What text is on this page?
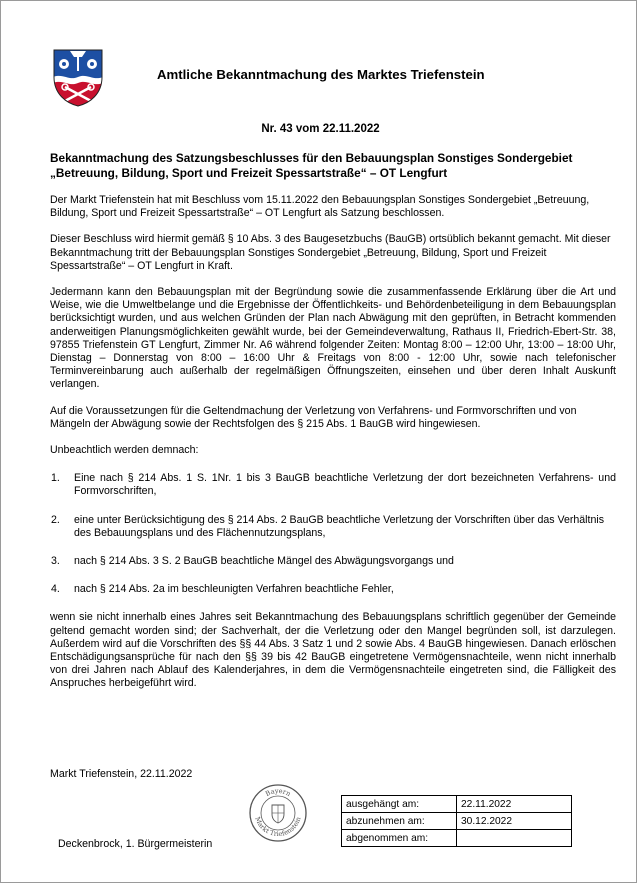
Amtliche Bekanntmachung des Marktes Triefenstein
Nr. 43 vom 22.11.2022
Bekanntmachung des Satzungsbeschlusses für den Bebauungsplan Sonstiges Sondergebiet „Betreuung, Bildung, Sport und Freizeit Spessartstraße“ – OT Lengfurt

Der Markt Triefenstein hat mit Beschluss vom 15.11.2022 den Bebauungsplan Sonstiges Sondergebiet „Betreuung, Bildung, Sport und Freizeit Spessartstraße“ – OT Lengfurt als Satzung beschlossen.

Dieser Beschluss wird hiermit gemäß § 10 Abs. 3 des Baugesetzbuchs (BauGB) ortsüblich bekannt gemacht. Mit dieser Bekanntmachung tritt der Bebauungsplan Sonstiges Sondergebiet „Betreuung, Bildung, Sport und Freizeit Spessartstraße“ – OT Lengfurt in Kraft.

Jedermann kann den Bebauungsplan mit der Begründung sowie die zusammenfassende Erklärung über die Art und Weise, wie die Umweltbelange und die Ergebnisse der Öffentlichkeits- und Behördenbeteiligung in dem Bebauungsplan berücksichtigt wurden, und aus welchen Gründen der Plan nach Abwägung mit den geprüften, in Betracht kommenden anderweitigen Planungsmöglichkeiten gewählt wurde, bei der Gemeindeverwaltung, Rathaus II, Friedrich-Ebert-Str. 38, 97855 Triefenstein GT Lengfurt, Zimmer Nr. A6 während folgender Zeiten: Montag 8:00 – 12:00 Uhr, 13:00 – 18:00 Uhr, Dienstag – Donnerstag von 8:00 – 16:00 Uhr & Freitags von 8:00 - 12:00 Uhr, sowie nach telefonischer Terminvereinbarung auch außerhalb der regelmäßigen Öffnungszeiten, einsehen und über deren Inhalt Auskunft verlangen.

Auf die Voraussetzungen für die Geltendmachung der Verletzung von Verfahrens- und Formvorschriften und von Mängeln der Abwägung sowie der Rechtsfolgen des § 215 Abs. 1 BauGB wird hingewiesen.

Unbeachtlich werden demnach:

1. Eine nach § 214 Abs. 1 S. 1Nr. 1 bis 3 BauGB beachtliche Verletzung der dort bezeichneten Verfahrens- und Formvorschriften,
2. eine unter Berücksichtigung des § 214 Abs. 2 BauGB beachtliche Verletzung der Vorschriften über das Verhältnis des Bebauungsplans und des Flächennutzungsplans,
3. nach § 214 Abs. 3 S. 2 BauGB beachtliche Mängel des Abwägungsvorgangs und
4. nach § 214 Abs. 2a im beschleunigten Verfahren beachtliche Fehler,

wenn sie nicht innerhalb eines Jahres seit Bekanntmachung des Bebauungsplans schriftlich gegenüber der Gemeinde geltend gemacht worden sind; der Sachverhalt, der die Verletzung oder den Mangel begründen soll, ist darzulegen. Außerdem wird auf die Vorschriften des §§ 44 Abs. 3 Satz 1 und 2 sowie Abs. 4 BauGB hingewiesen. Danach erlöschen Entschädigungsansprüche für nach den §§ 39 bis 42 BauGB eingetretene Vermögensnachteile, wenn nicht innerhalb von drei Jahren nach Ablauf des Kalenderjahres, in dem die Vermögensnachteile eingetreten sind, die Fälligkeit des Anspruches herbeigeführt wird.

Markt Triefenstein, 22.11.2022
Bayern
Markt Triefenstein
Deckenbrock, 1. Bürgermeisterin
ausgehängt am:	22.11.2022
abzunehmen am:	30.12.2022
abgenommen am:	
